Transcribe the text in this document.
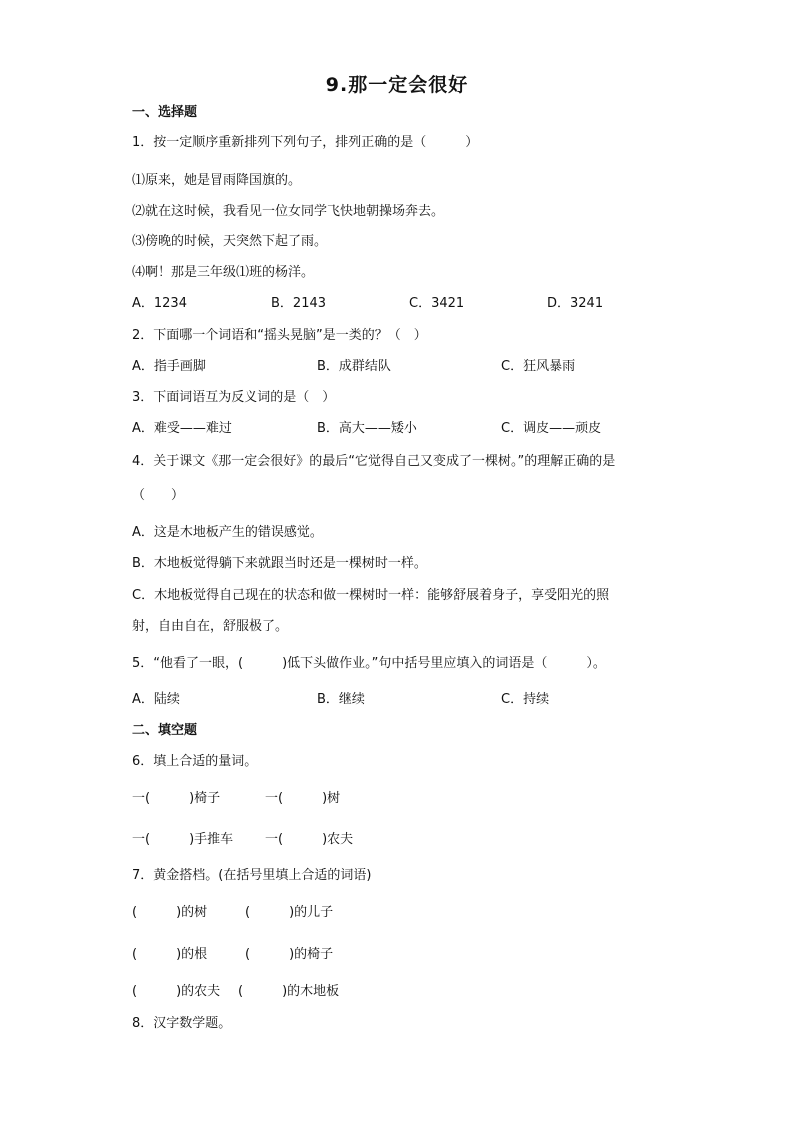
9.那一定会很好
一、选择题
1．按一定顺序重新排列下列句子，排列正确的是（　　　）
⑴原来，她是冒雨降国旗的。
⑵就在这时候，我看见一位女同学飞快地朝操场奔去。
⑶傍晚的时候，天突然下起了雨。
⑷啊！那是三年级⑴班的杨洋。
A．1234	B．2143	C．3421	D．3241
2．下面哪一个词语和“摇头晃脑”是一类的？（　）
A．指手画脚	B．成群结队	C．狂风暴雨
3．下面词语互为反义词的是（　）
A．难受——难过	B．高大——矮小	C．调皮——顽皮
4．关于课文《那一定会很好》的最后“它觉得自己又变成了一棵树。”的理解正确的是
（　　）
A．这是木地板产生的错误感觉。
B．木地板觉得躺下来就跟当时还是一棵树时一样。
C．木地板觉得自己现在的状态和做一棵树时一样：能够舒展着身子，享受阳光的照
射，自由自在，舒服极了。
5．“他看了一眼，(　　　)低下头做作业。”句中括号里应填入的词语是（　　　）。
A．陆续	B．继续	C．持续
二、填空题
6．填上合适的量词。
一(　　　)椅子	一(　　　)树
一(　　　)手推车 一(　　　)农夫
7．黄金搭档。(在括号里填上合适的词语)
(　　　)的树	(　　　)的儿子
(　　　)的根	(　　　)的椅子
(　　　)的农夫 (　　　)的木地板
8．汉字数学题。
